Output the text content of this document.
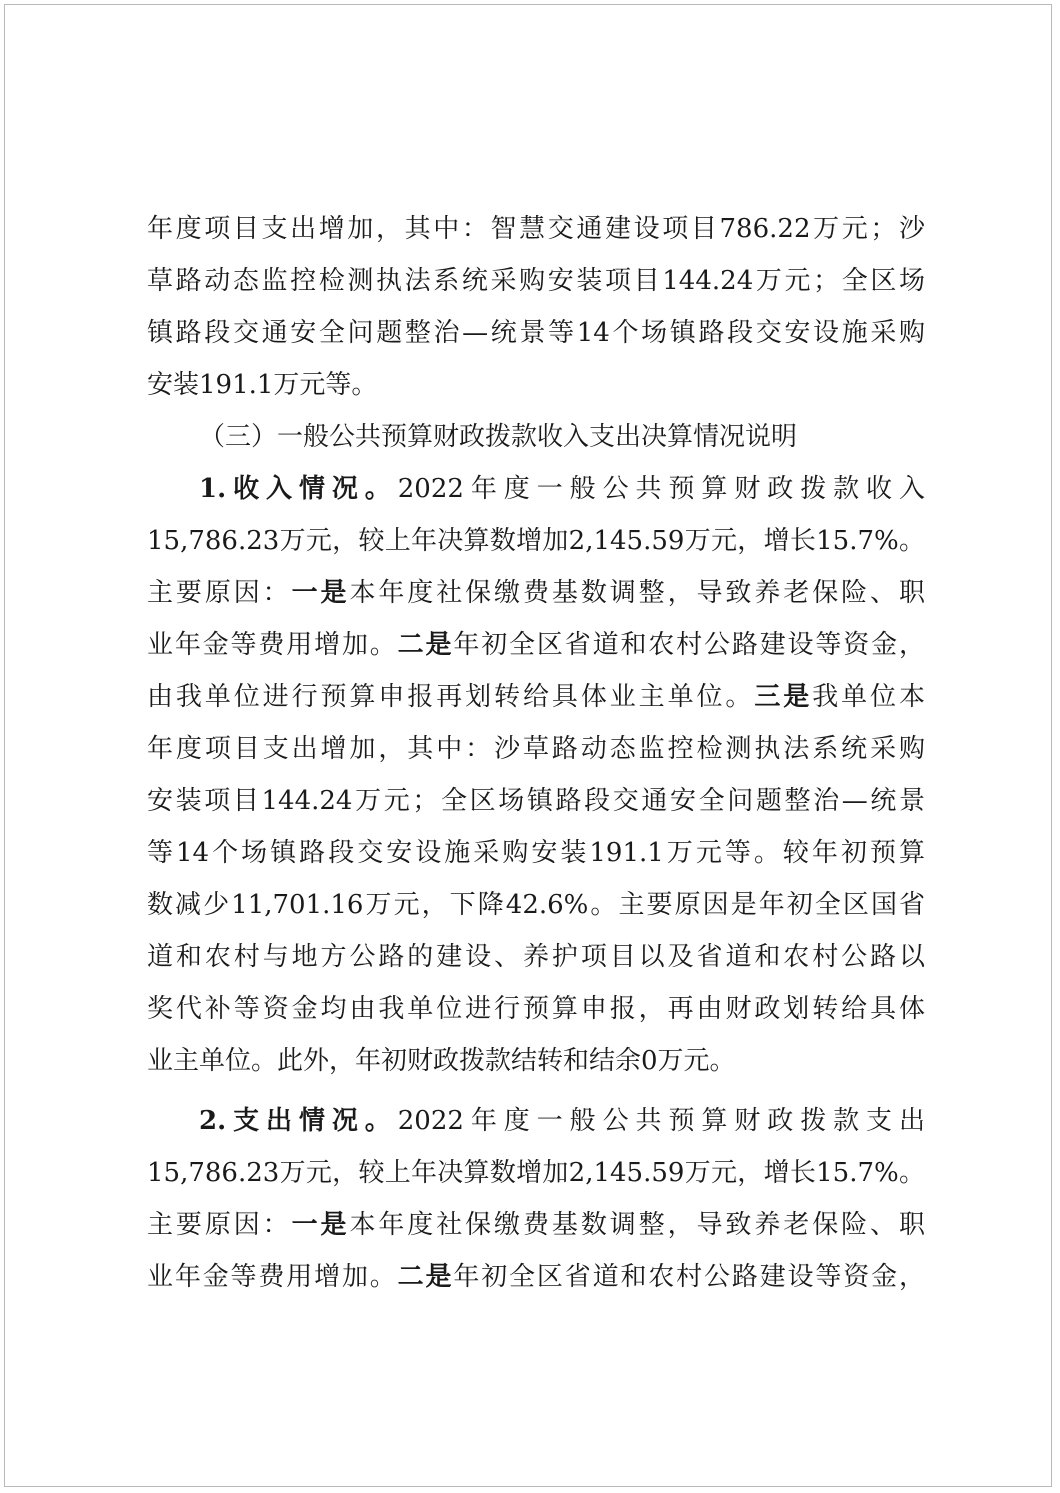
年度项目支出增加，其中：智慧交通建设项目786.22万元；沙
草路动态监控检测执法系统采购安装项目144.24万元；全区场
镇路段交通安全问题整治—统景等14个场镇路段交安设施采购
安装191.1万元等。
（三）一般公共预算财政拨款收入支出决算情况说明
1.收入情况。2022年度一般公共预算财政拨款收入
15,786.23万元，较上年决算数增加2,145.59万元，增长15.7%。
主要原因：一是本年度社保缴费基数调整，导致养老保险、职
业年金等费用增加。二是年初全区省道和农村公路建设等资金，
由我单位进行预算申报再划转给具体业主单位。三是我单位本
年度项目支出增加，其中：沙草路动态监控检测执法系统采购
安装项目144.24万元；全区场镇路段交通安全问题整治—统景
等14个场镇路段交安设施采购安装191.1万元等。较年初预算
数减少11,701.16万元，下降42.6%。主要原因是年初全区国省
道和农村与地方公路的建设、养护项目以及省道和农村公路以
奖代补等资金均由我单位进行预算申报，再由财政划转给具体
业主单位。此外，年初财政拨款结转和结余0万元。
2.支出情况。2022年度一般公共预算财政拨款支出
15,786.23万元，较上年决算数增加2,145.59万元，增长15.7%。
主要原因：一是本年度社保缴费基数调整，导致养老保险、职
业年金等费用增加。二是年初全区省道和农村公路建设等资金，
